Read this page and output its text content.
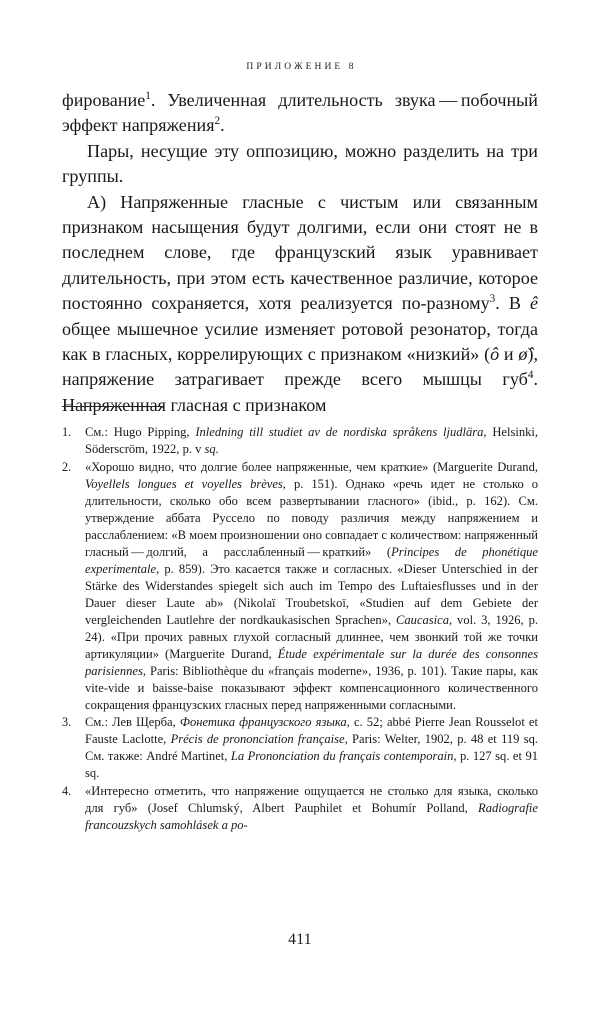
ПРИЛОЖЕНИЕ 8

фирование$^1$. Увеличенная длительность звука — побочный эффект напряжения$^2$.

Пары, несущие эту оппозицию, можно разделить на три группы.

А) Напряженные гласные с чистым или связанным признаком насыщения будут долгими, если они стоят не в последнем слове, где французский язык уравнивает длительность, при этом есть качественное различие, которое постоянно сохраняется, хотя реализуется по-разному$^3$. В ê общее мышечное усилие изменяет ротовой резонатор, тогда как в гласных, коррелирующих с признаком «низкий» (ô и ø̂), напряжение затрагивает прежде всего мышцы губ$^4$. Напряженная гласная с признаком

1.	См.: Hugo Pipping, Inledning till studiet av de nordiska språkens ljudlära, Helsinki, Söderscröm, 1922, p. v sq.
2.	«Хорошо видно, что долгие более напряженные, чем краткие» (Marguerite Durand, Voyellels longues et voyelles brèves, p. 151). Однако «речь идет не столько о длительности, сколько обо всем развертывании гласного» (ibid., p. 162). См. утверждение аббата Руссело по поводу различия между напряжением и расслаблением: «В моем произношении оно совпадает с количеством: напряженный гласный — долгий, а расслабленный — краткий» (Principes de phonétique experimentale, p. 859). Это касается также и согласных. «Dieser Unterschied in der Stärke des Widerstandes spiegelt sich auch im Tempo des Luftaiesflusses und in der Dauer dieser Laute ab» (Nikolaï Troubetskoï, «Studien auf dem Gebiete der vergleichenden Lautlehre der nordkaukasischen Sprachen», Caucasica, vol. 3, 1926, p. 24). «При прочих равных глухой согласный длиннее, чем звонкий той же точки артикуляции» (Marguerite Durand, Étude expérimentale sur la durée des consonnes parisiennes, Paris: Bibliothèque du «français moderne», 1936, p. 101). Такие пары, как vite-vide и baisse-baise показывают эффект компенсационного количественного сокращения французских гласных перед напряженными согласными.
3.	См.: Лев Щерба, Фонетика французского языка, с. 52; abbé Pierre Jean Rousselot et Fauste Laclotte, Précis de prononciation française, Paris: Welter, 1902, p. 48 et 119 sq. См. также: André Martinet, La Prononciation du français contemporain, p. 127 sq. et 91 sq.
4.	«Интересно отметить, что напряжение ощущается не столько для языка, сколько для губ» (Josef Chlumský, Albert Pauphilet et Bohumír Polland, Radiografie francouzskych samohlásek a po-
411
